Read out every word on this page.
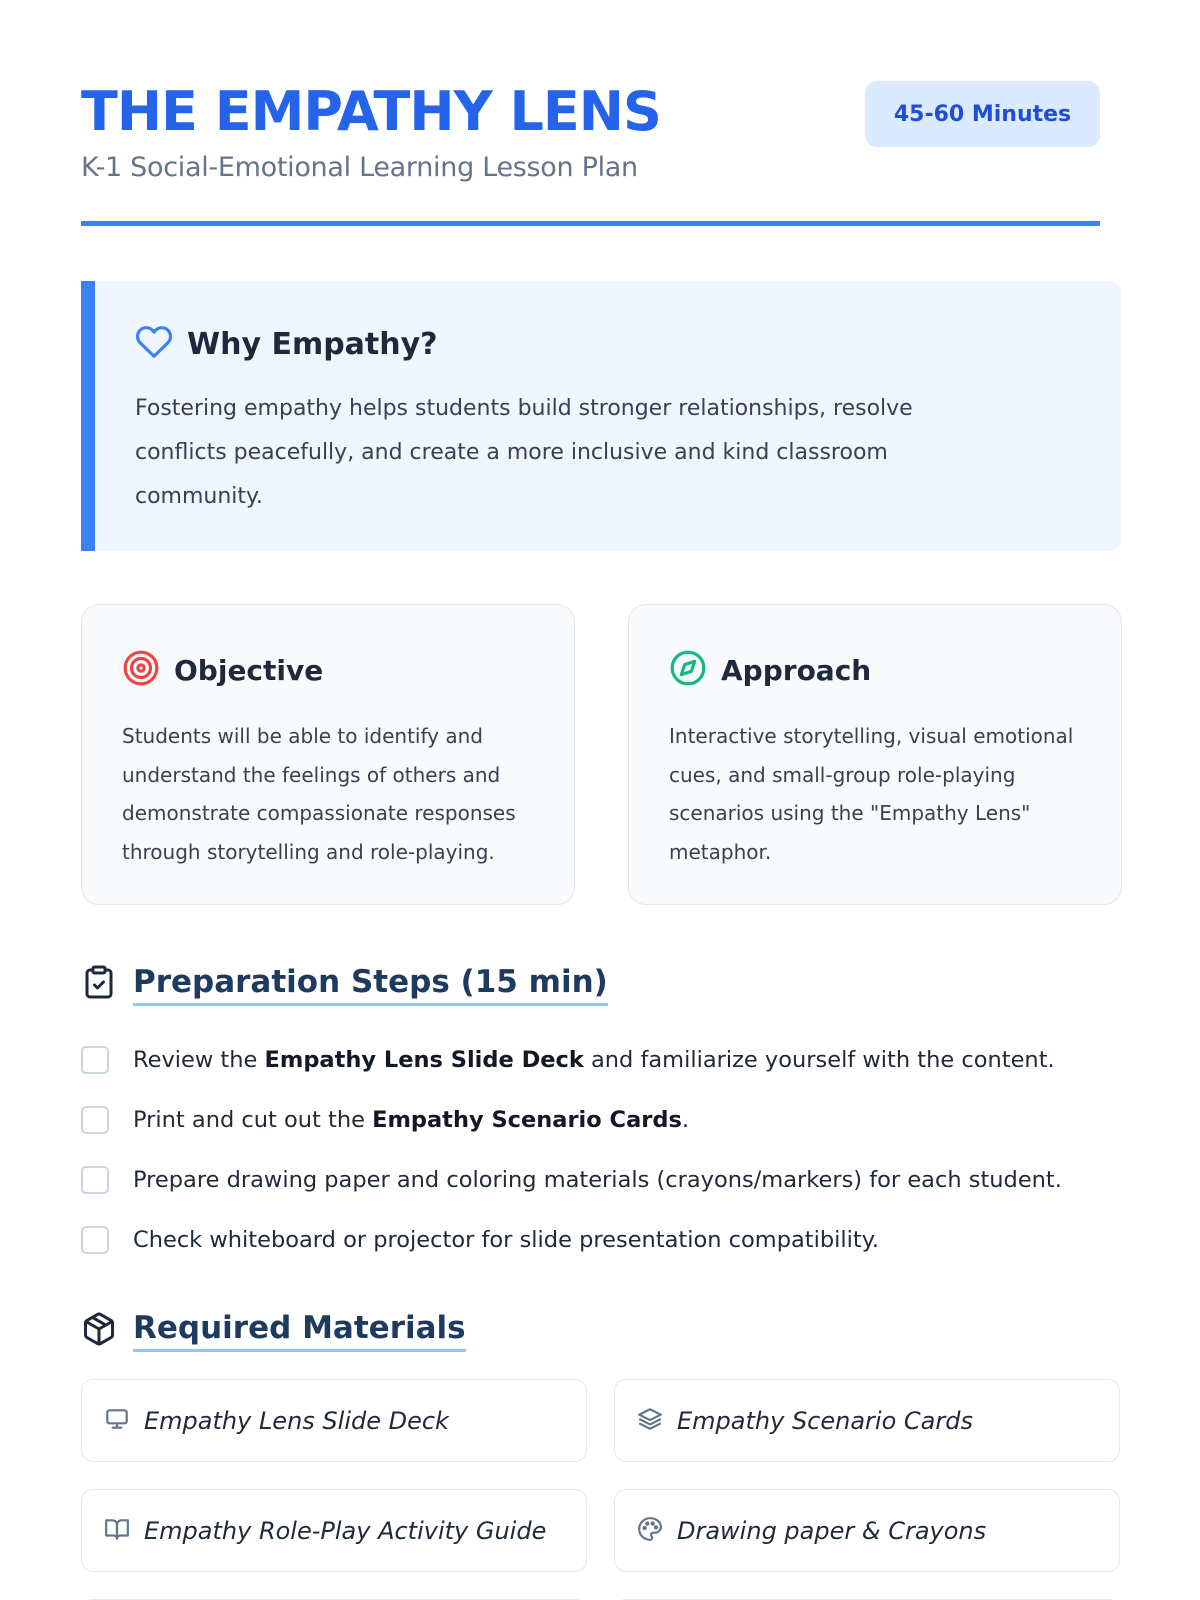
THE EMPATHY LENS
K-1 Social-Emotional Learning Lesson Plan
45-60 Minutes
Why Empathy?

Fostering empathy helps students build stronger relationships, resolve conflicts peacefully, and create a more inclusive and kind classroom community.

Objective

Students will be able to identify and understand the feelings of others and demonstrate compassionate responses through storytelling and role-playing.

Approach

Interactive storytelling, visual emotional cues, and small-group role-playing scenarios using the "Empathy Lens" metaphor.

Preparation Steps (15 min)
Review the Empathy Lens Slide Deck and familiarize yourself with the content.
Print and cut out the Empathy Scenario Cards.
Prepare drawing paper and coloring materials (crayons/markers) for each student.
Check whiteboard or projector for slide presentation compatibility.
Required Materials
Empathy Lens Slide Deck	Empathy Scenario Cards
Empathy Role-Play Activity Guide	Drawing paper & Crayons
